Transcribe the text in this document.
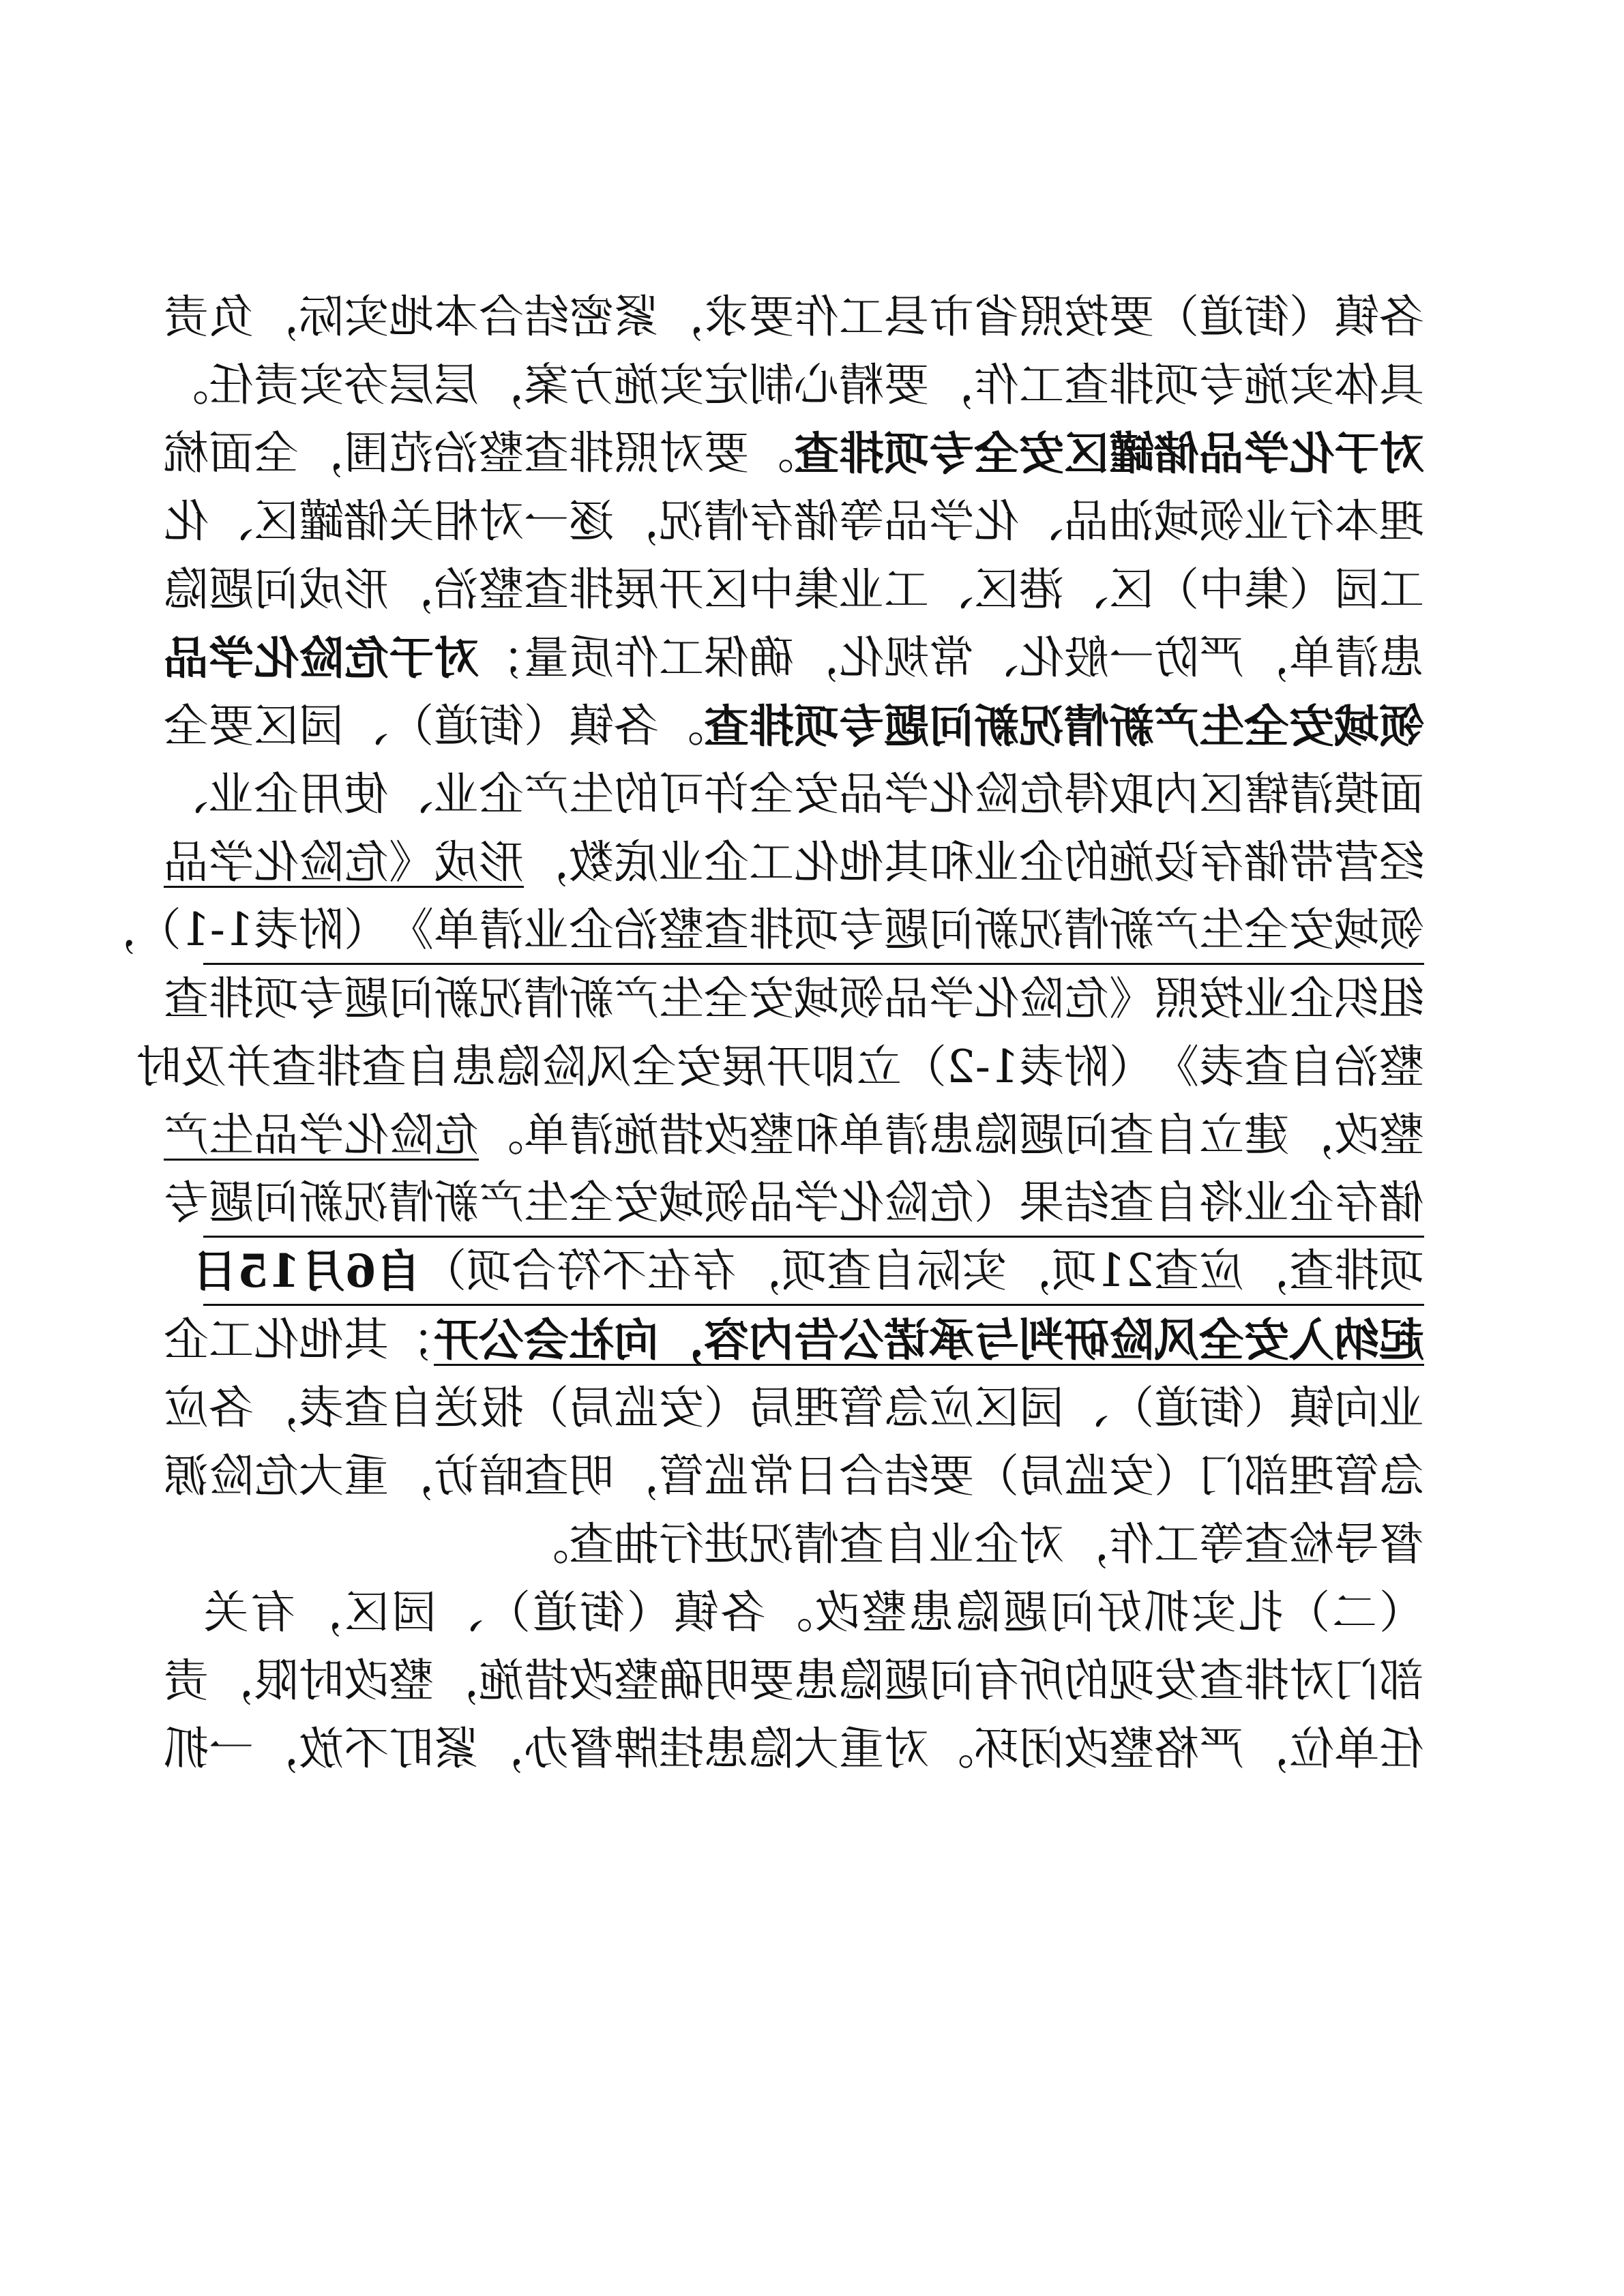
各
镇
（
街
道
）
要
按
照
省
市
县
工
作
要
求
，
紧
密
结
合
本
地
实
际
，
负
责
具
体
实
施
专
项
排
查
工
作
，
要
精
心
制
定
实
施
方
案
，
层
层
夯
实
责
任
。
对
于
化
学
品
储
罐
区
安
全
专
项
排
查
。
要
对
照
排
查
整
治
范
围
，
全
面
梳
理
本
行
业
领
域
油
品
、
化
学
品
等
储
存
情
况
，
逐
一
对
相
关
储
罐
区
、
化
工
园
（
集
中
）
区
、
港
区
、
工
业
集
中
区
开
展
排
查
整
治
，
形
成
问
题
隐
患
清
单
，
严
防
一
般
化
、
常
规
化
，
确
保
工
作
质
量
；
对
于
危
险
化
学
品
领
域
安
全
生
产
新
情
况
新
问
题
专
项
排
查
。
各
镇
（
街
道
）
、
园
区
要
全
面
摸
清
辖
区
内
取
得
危
险
化
学
品
安
全
许
可
的
生
产
企
业
、
使
用
企
业
、
经
营
带
储
存
设
施
的
企
业
和
其
他
化
工
企
业
底
数
，
形
成
《
危
险
化
学
品
领
域
安
全
生
产
新
情
况
新
问
题
专
项
排
查
整
治
企
业
清
单
》
（
附
表
1
-
1
）
，
组
织
企
业
按
照
《
危
险
化
学
品
领
域
安
全
生
产
新
情
况
新
问
题
专
项
排
查
整
治
自
查
表
》
（
附
表
1
-
2
）
立
即
开
展
安
全
风
险
隐
患
自
查
排
查
并
及
时
整
改
，
建
立
自
查
问
题
隐
患
清
单
和
整
改
措
施
清
单
。
危
险
化
学
品
生
产
储
存
企
业
将
自
查
结
果
（
危
险
化
学
品
领
域
安
全
生
产
新
情
况
新
问
题
专
项
排
查
，
应
查
2
1
项
，
实
际
自
查
项
，
存
在
不
符
合
项
）
自
6
月
1
5
日
起
纳
入
安
全
风
险
研
判
与
承
诺
公
告
内
容
，
向
社
会
公
开
；
其
他
化
工
企
业
向
镇
（
街
道
）
、
园
区
应
急
管
理
局
（
安
监
局
）
报
送
自
查
表
，
各
应
急
管
理
部
门
（
安
监
局
）
要
结
合
日
常
监
管
，
明
查
暗
访
，
重
大
危
险
源
督
导
检
查
等
工
作
，
对
企
业
自
查
情
况
进
行
抽
查
。
（
二
）
扎
实
抓
好
问
题
隐
患
整
改
。
各
镇
（
街
道
）
、
园
区
，
有
关
部
门
对
排
查
发
现
的
所
有
问
题
隐
患
要
明
确
整
改
措
施
，
整
改
时
限
，
责
任
单
位
，
严
格
整
改
闭
环
。
对
重
大
隐
患
挂
牌
督
办
，
紧
盯
不
放
，
一
抓
